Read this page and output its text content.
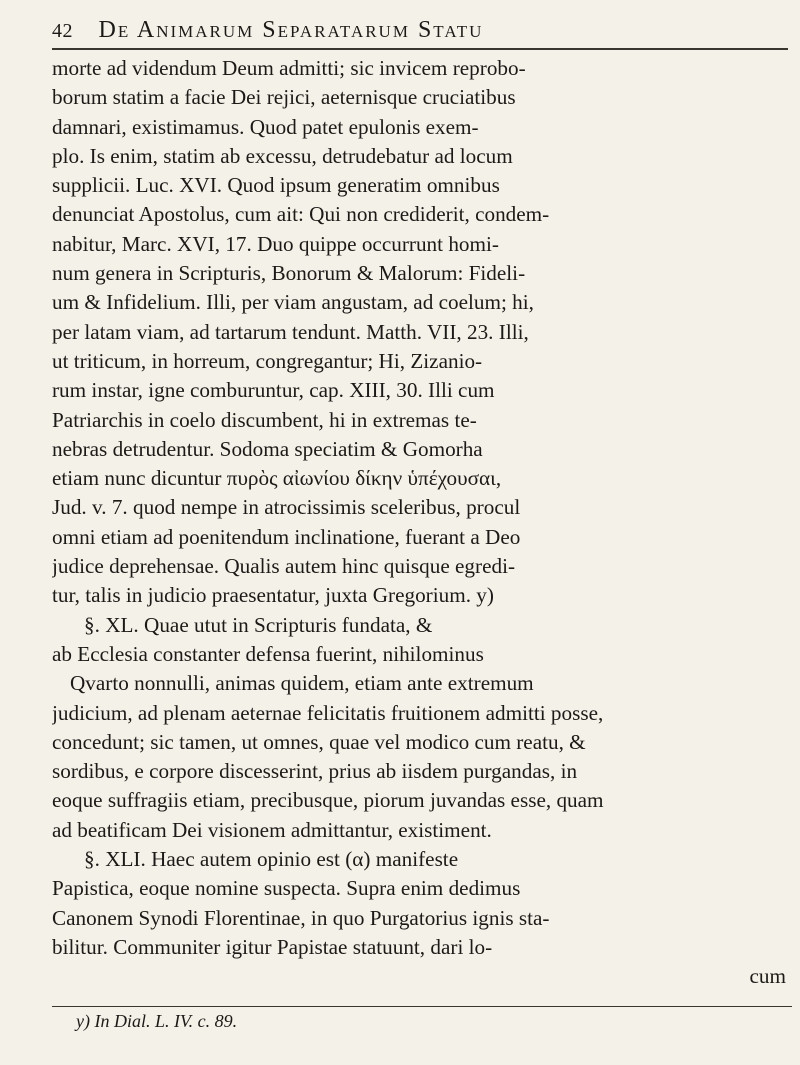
42 De Animarum Separatarum Statu
morte ad videndum Deum admitti; sic invicem reprobo-
borum statim a facie Dei rejici, aeternisque cruciatibus
damnari, existimamus. Quod patet epulonis exem-
plo. Is enim, statim ab excessu, detrudebatur ad locum
supplicii. Luc. XVI. Quod ipsum generatim omnibus
denunciat Apostolus, cum ait: Qui non crediderit, condem-
nabitur, Marc. XVI, 17. Duo quippe occurrunt homi-
num genera in Scripturis, Bonorum & Malorum: Fideli-
um & Infidelium. Illi, per viam angustam, ad coelum; hi,
per latam viam, ad tartarum tendunt. Matth. VII, 23. Illi,
ut triticum, in horreum, congregantur; Hi, Zizanio-
rum instar, igne comburuntur, cap. XIII, 30. Illi cum
Patriarchis in coelo discumbent, hi in extremas te-
nebras detrudentur. Sodoma speciatim & Gomorha
etiam nunc dicuntur πυρὸς αἰωνίου δίκην ὑπέχουσαι,
Jud. v. 7. quod nempe in atrocissimis sceleribus, procul
omni etiam ad poenitendum inclinatione, fuerant a Deo
judice deprehensae. Qualis autem hinc quisque egredi-
tur, talis in judicio praesentatur, juxta Gregorium. y)
§. XL. Quae utut in Scripturis fundata, &
ab Ecclesia constanter defensa fuerint, nihilominus
Qvarto nonnulli, animas quidem, etiam ante extremum
judicium, ad plenam aeternae felicitatis fruitionem admitti posse,
concedunt; sic tamen, ut omnes, quae vel modico cum reatu, &
sordibus, e corpore discesserint, prius ab iisdem purgandas, in
eoque suffragiis etiam, precibusque, piorum juvandas esse, quam
ad beatificam Dei visionem admittantur, existiment.
§. XLI. Haec autem opinio est (α) manifeste
Papistica, eoque nomine suspecta. Supra enim dedimus
Canonem Synodi Florentinae, in quo Purgatorius ignis sta-
bilitur. Communiter igitur Papistae statuunt, dari lo-
cum
y) In Dial. L. IV. c. 89.
